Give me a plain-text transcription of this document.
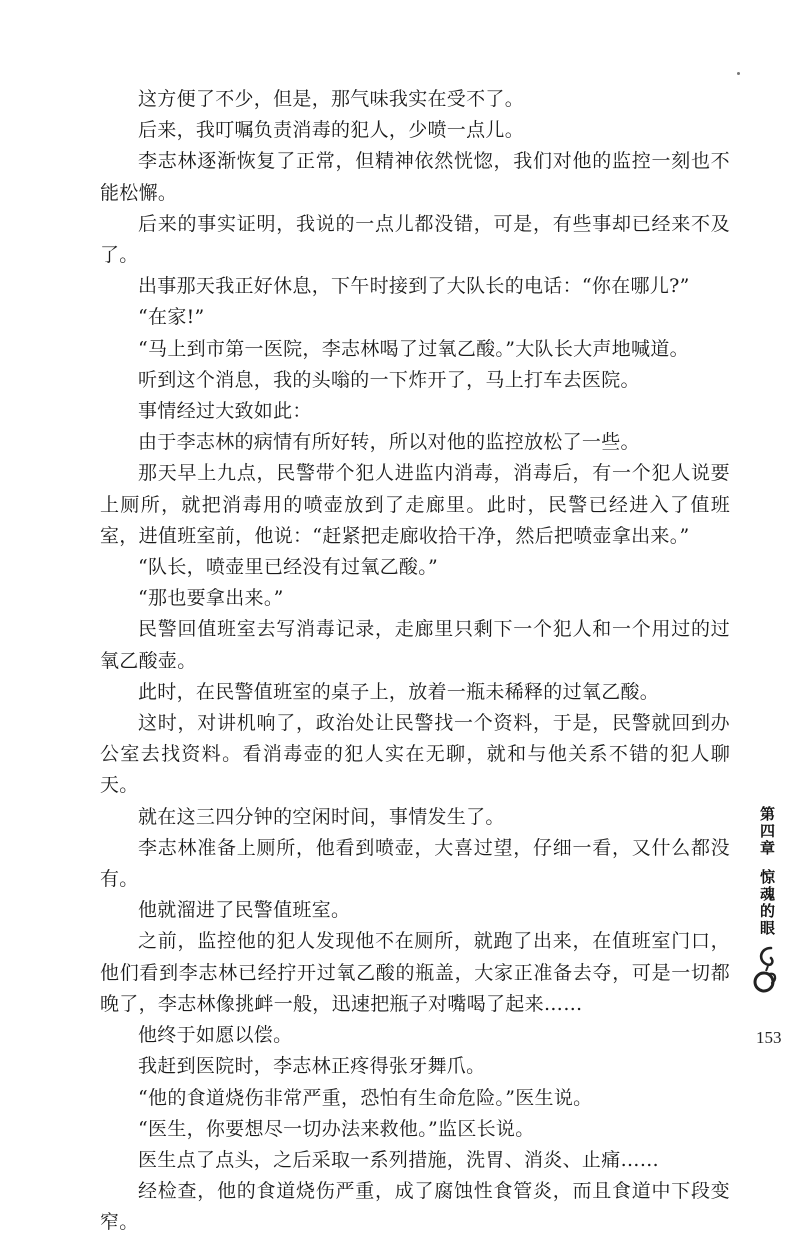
这方便了不少，但是，那气味我实在受不了。

后来，我叮嘱负责消毒的犯人，少喷一点儿。

李志林逐渐恢复了正常，但精神依然恍惚，我们对他的监控一刻也不能松懈。

后来的事实证明，我说的一点儿都没错，可是，有些事却已经来不及了。

出事那天我正好休息，下午时接到了大队长的电话：“你在哪儿?”

“在家!”

“马上到市第一医院，李志林喝了过氧乙酸。”大队长大声地喊道。

听到这个消息，我的头嗡的一下炸开了，马上打车去医院。

事情经过大致如此：

由于李志林的病情有所好转，所以对他的监控放松了一些。

那天早上九点，民警带个犯人进监内消毒，消毒后，有一个犯人说要上厕所，就把消毒用的喷壶放到了走廊里。此时，民警已经进入了值班室，进值班室前，他说：“赶紧把走廊收拾干净，然后把喷壶拿出来。”

“队长，喷壶里已经没有过氧乙酸。”

“那也要拿出来。”

民警回值班室去写消毒记录，走廊里只剩下一个犯人和一个用过的过氧乙酸壶。

此时，在民警值班室的桌子上，放着一瓶未稀释的过氧乙酸。

这时，对讲机响了，政治处让民警找一个资料，于是，民警就回到办公室去找资料。看消毒壶的犯人实在无聊，就和与他关系不错的犯人聊天。

就在这三四分钟的空闲时间，事情发生了。

李志林准备上厕所，他看到喷壶，大喜过望，仔细一看，又什么都没有。

他就溜进了民警值班室。

之前，监控他的犯人发现他不在厕所，就跑了出来，在值班室门口，他们看到李志林已经拧开过氧乙酸的瓶盖，大家正准备去夺，可是一切都晚了，李志林像挑衅一般，迅速把瓶子对嘴喝了起来……

他终于如愿以偿。

我赶到医院时，李志林正疼得张牙舞爪。

“他的食道烧伤非常严重，恐怕有生命危险。”医生说。

“医生，你要想尽一切办法来救他。”监区长说。

医生点了点头，之后采取一系列措施，洗胃、消炎、止痛……

经检查，他的食道烧伤严重，成了腐蚀性食管炎，而且食道中下段变窄。

第四章
惊魂的眼
153
